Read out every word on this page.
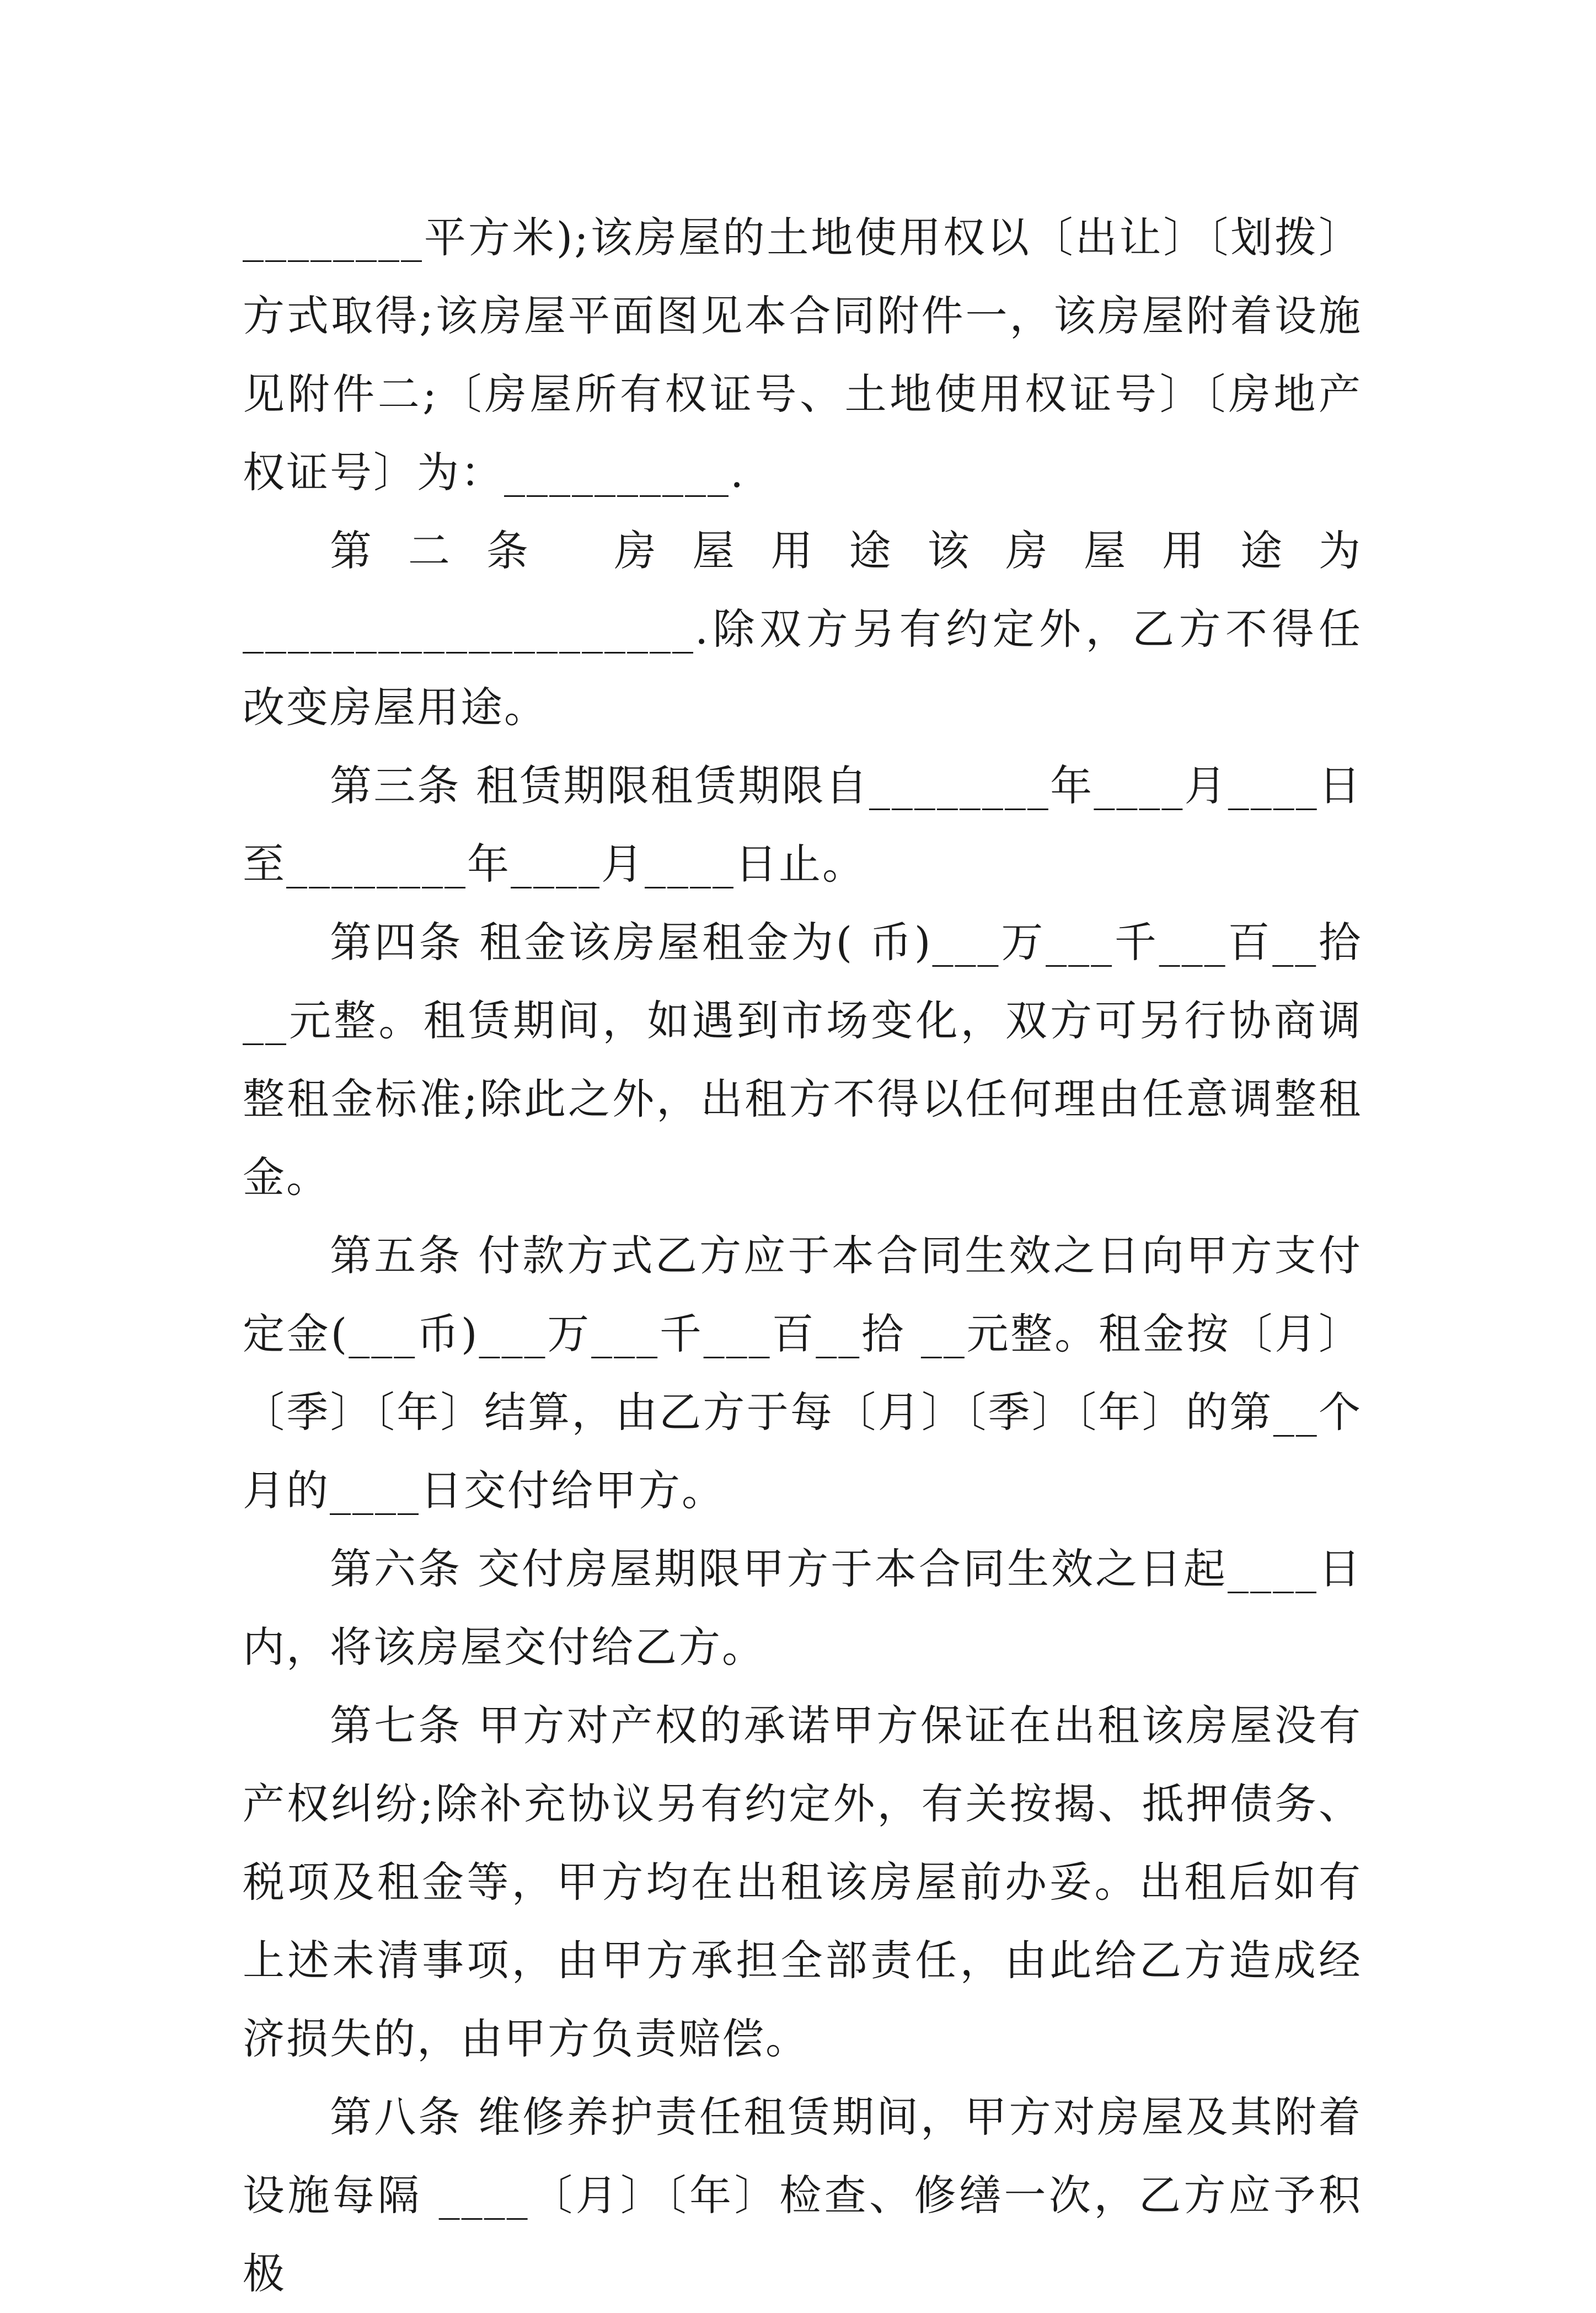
________平方米);该房屋的土地使用权以〔出让〕〔划拨〕方式取得;该房屋平面图见本合同附件一，该房屋附着设施见附件二;〔房屋所有权证号、土地使用权证号〕〔房地产权证号〕为：__________.

第二条 房屋用途该房屋用途为____________________.除双方另有约定外，乙方不得任改变房屋用途。

第三条 租赁期限租赁期限自________年____月____日至________年____月____日止。

第四条 租金该房屋租金为( 币)___万___千___百__拾__元整。租赁期间，如遇到市场变化，双方可另行协商调整租金标准;除此之外，出租方不得以任何理由任意调整租金。

第五条 付款方式乙方应于本合同生效之日向甲方支付定金(___币)___万___千___百__拾 __元整。租金按〔月〕〔季〕〔年〕结算，由乙方于每〔月〕〔季〕〔年〕的第__个月的____日交付给甲方。

第六条 交付房屋期限甲方于本合同生效之日起____日内，将该房屋交付给乙方。

第七条 甲方对产权的承诺甲方保证在出租该房屋没有产权纠纷;除补充协议另有约定外，有关按揭、抵押债务、税项及租金等，甲方均在出租该房屋前办妥。出租后如有上述未清事项，由甲方承担全部责任，由此给乙方造成经济损失的，由甲方负责赔偿。

第八条 维修养护责任租赁期间，甲方对房屋及其附着设施每隔 ____〔月〕〔年〕检查、修缮一次，乙方应予积极
